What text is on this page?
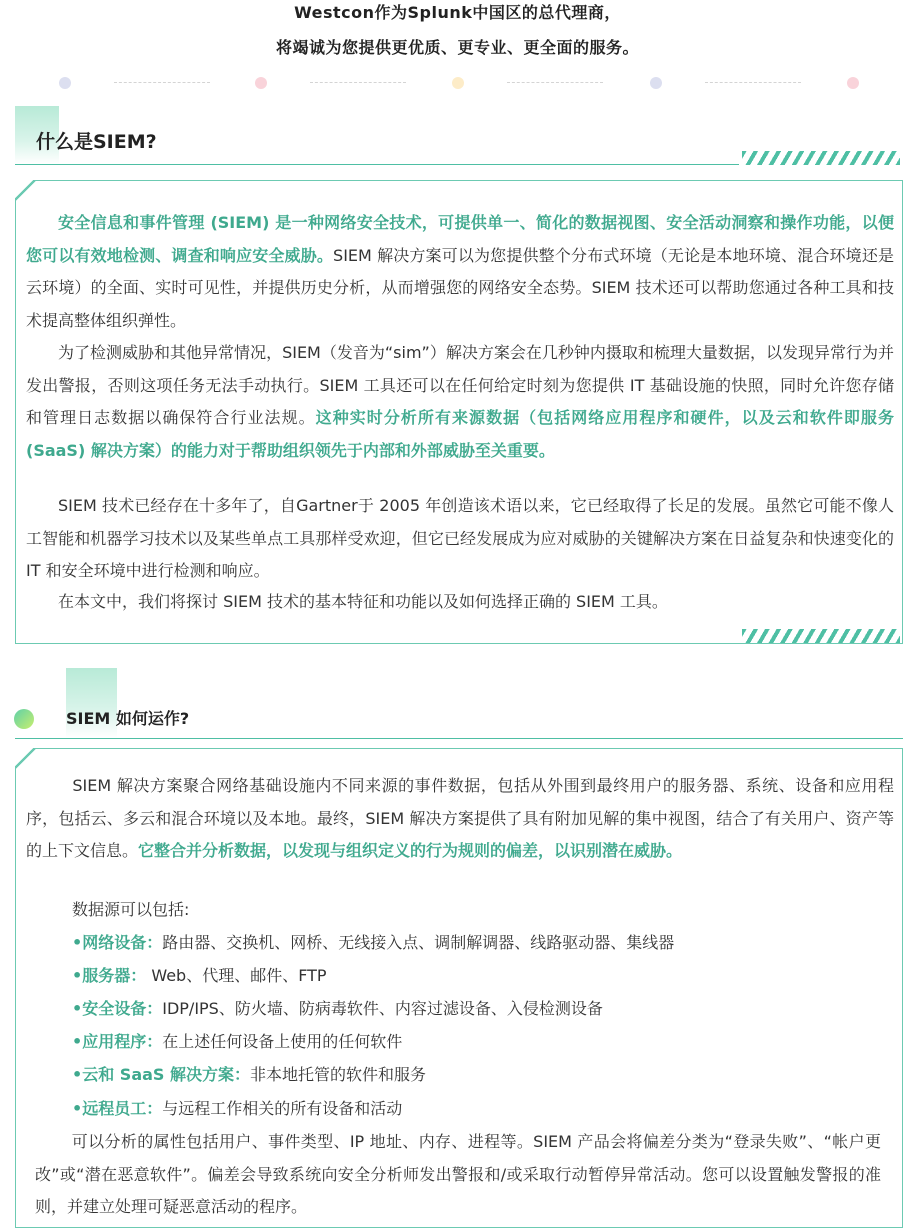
Westcon作为Splunk中国区的总代理商，
将竭诚为您提供更优质、更专业、更全面的服务。
什么是SIEM?

安全信息和事件管理 (SIEM) 是一种网络安全技术，可提供单一、简化的数据视图、安全活动洞察和操作功能，以便您可以有效地检测、调查和响应安全威胁。SIEM 解决方案可以为您提供整个分布式环境（无论是本地环境、混合环境还是云环境）的全面、实时可见性，并提供历史分析，从而增强您的网络安全态势。SIEM 技术还可以帮助您通过各种工具和技术提高整体组织弹性。

为了检测威胁和其他异常情况，SIEM（发音为“sim”）解决方案会在几秒钟内摄取和梳理大量数据，以发现异常行为并发出警报，否则这项任务无法手动执行。SIEM 工具还可以在任何给定时刻为您提供 IT 基础设施的快照，同时允许您存储和管理日志数据以确保符合行业法规。这种实时分析所有来源数据（包括网络应用程序和硬件，以及云和软件即服务 (SaaS) 解决方案）的能力对于帮助组织领先于内部和外部威胁至关重要。

SIEM 技术已经存在十多年了，自Gartner于 2005 年创造该术语以来，它已经取得了长足的发展。虽然它可能不像人工智能和机器学习技术以及某些单点工具那样受欢迎，但它已经发展成为应对威胁的关键解决方案在日益复杂和快速变化的 IT 和安全环境中进行检测和响应。

在本文中，我们将探讨 SIEM 技术的基本特征和功能以及如何选择正确的 SIEM 工具。

SIEM 如何运作?

SIEM 解决方案聚合网络基础设施内不同来源的事件数据，包括从外围到最终用户的服务器、系统、设备和应用程序，包括云、多云和混合环境以及本地。最终，SIEM 解决方案提供了具有附加见解的集中视图，结合了有关用户、资产等的上下文信息。它整合并分析数据，以发现与组织定义的行为规则的偏差，以识别潜在威胁。

数据源可以包括:
•网络设备：路由器、交换机、网桥、无线接入点、调制解调器、线路驱动器、集线器
•服务器： Web、代理、邮件、FTP
•安全设备：IDP/IPS、防火墙、防病毒软件、内容过滤设备、入侵检测设备
•应用程序：在上述任何设备上使用的任何软件
•云和 SaaS 解决方案：非本地托管的软件和服务
•远程员工：与远程工作相关的所有设备和活动

可以分析的属性包括用户、事件类型、IP 地址、内存、进程等。SIEM 产品会将偏差分类为“登录失败”、“帐户更改”或“潜在恶意软件”。偏差会导致系统向安全分析师发出警报和/或采取行动暂停异常活动。您可以设置触发警报的准则，并建立处理可疑恶意活动的程序。
